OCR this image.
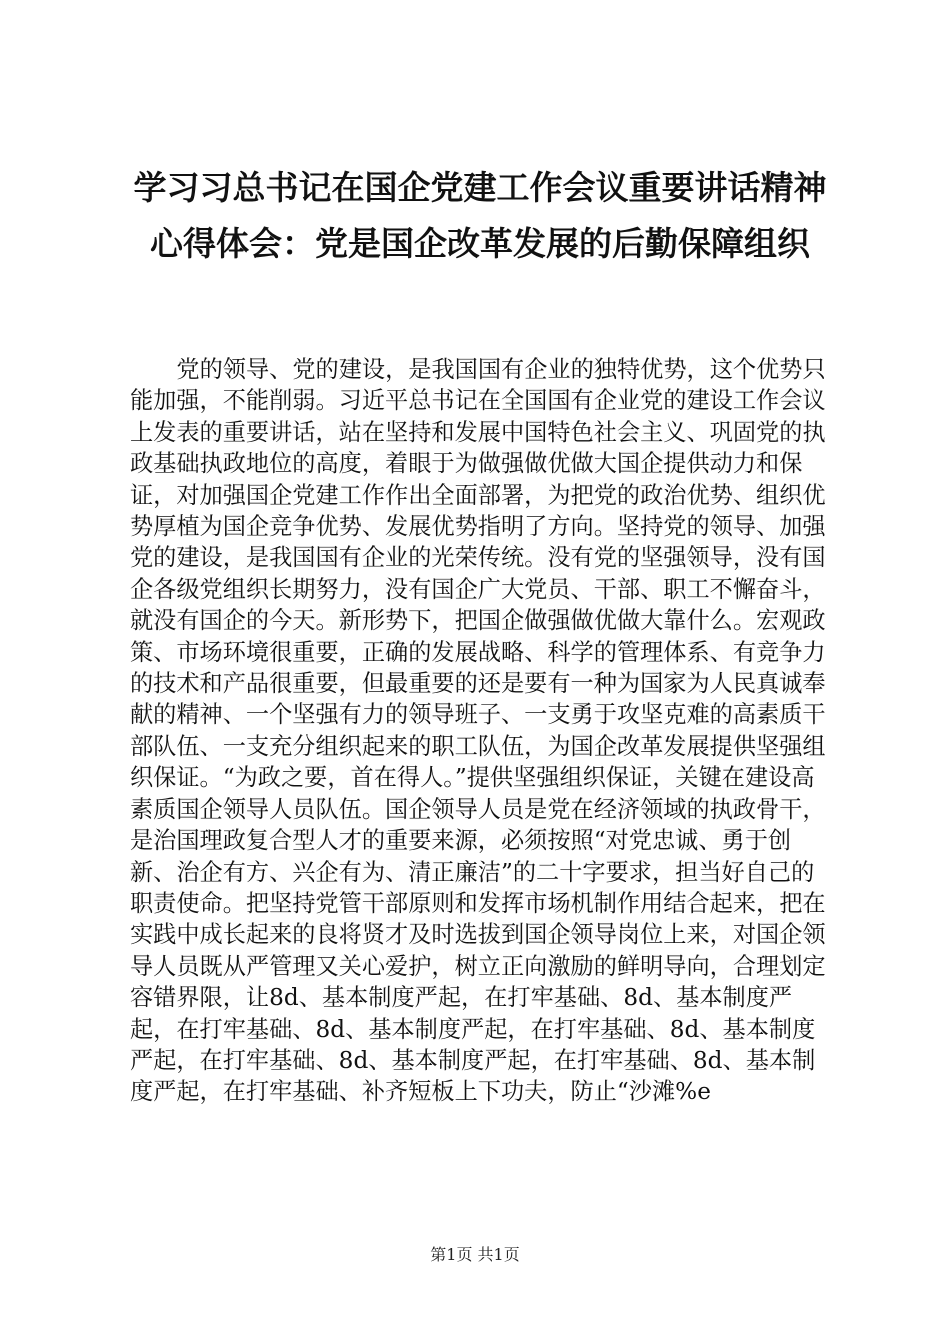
学习习总书记在国企党建工作会议重要讲话精神心得体会：党是国企改革发展的后勤保障组织

党的领导、党的建设，是我国国有企业的独特优势，这个优势只能加强，不能削弱。习近平总书记在全国国有企业党的建设工作会议上发表的重要讲话，站在坚持和发展中国特色社会主义、巩固党的执政基础执政地位的高度，着眼于为做强做优做大国企提供动力和保证，对加强国企党建工作作出全面部署，为把党的政治优势、组织优势厚植为国企竞争优势、发展优势指明了方向。坚持党的领导、加强党的建设，是我国国有企业的光荣传统。没有党的坚强领导，没有国企各级党组织长期努力，没有国企广大党员、干部、职工不懈奋斗，就没有国企的今天。新形势下，把国企做强做优做大靠什么。宏观政策、市场环境很重要，正确的发展战略、科学的管理体系、有竞争力的技术和产品很重要，但最重要的还是要有一种为国家为人民真诚奉献的精神、一个坚强有力的领导班子、一支勇于攻坚克难的高素质干部队伍、一支充分组织起来的职工队伍，为国企改革发展提供坚强组织保证。“为政之要，首在得人。”提供坚强组织保证，关键在建设高素质国企领导人员队伍。国企领导人员是党在经济领域的执政骨干，是治国理政复合型人才的重要来源，必须按照“对党忠诚、勇于创新、治企有方、兴企有为、清正廉洁”的二十字要求，担当好自己的职责使命。把坚持党管干部原则和发挥市场机制作用结合起来，把在实践中成长起来的良将贤才及时选拔到国企领导岗位上来，对国企领导人员既从严管理又关心爱护，树立正向激励的鲜明导向，合理划定容错界限，让8d、基本制度严起，在打牢基础、8d、基本制度严起，在打牢基础、8d、基本制度严起，在打牢基础、8d、基本制度严起，在打牢基础、8d、基本制度严起，在打牢基础、8d、基本制度严起，在打牢基础、补齐短板上下功夫，防止“沙滩%e

第1页 共1页
